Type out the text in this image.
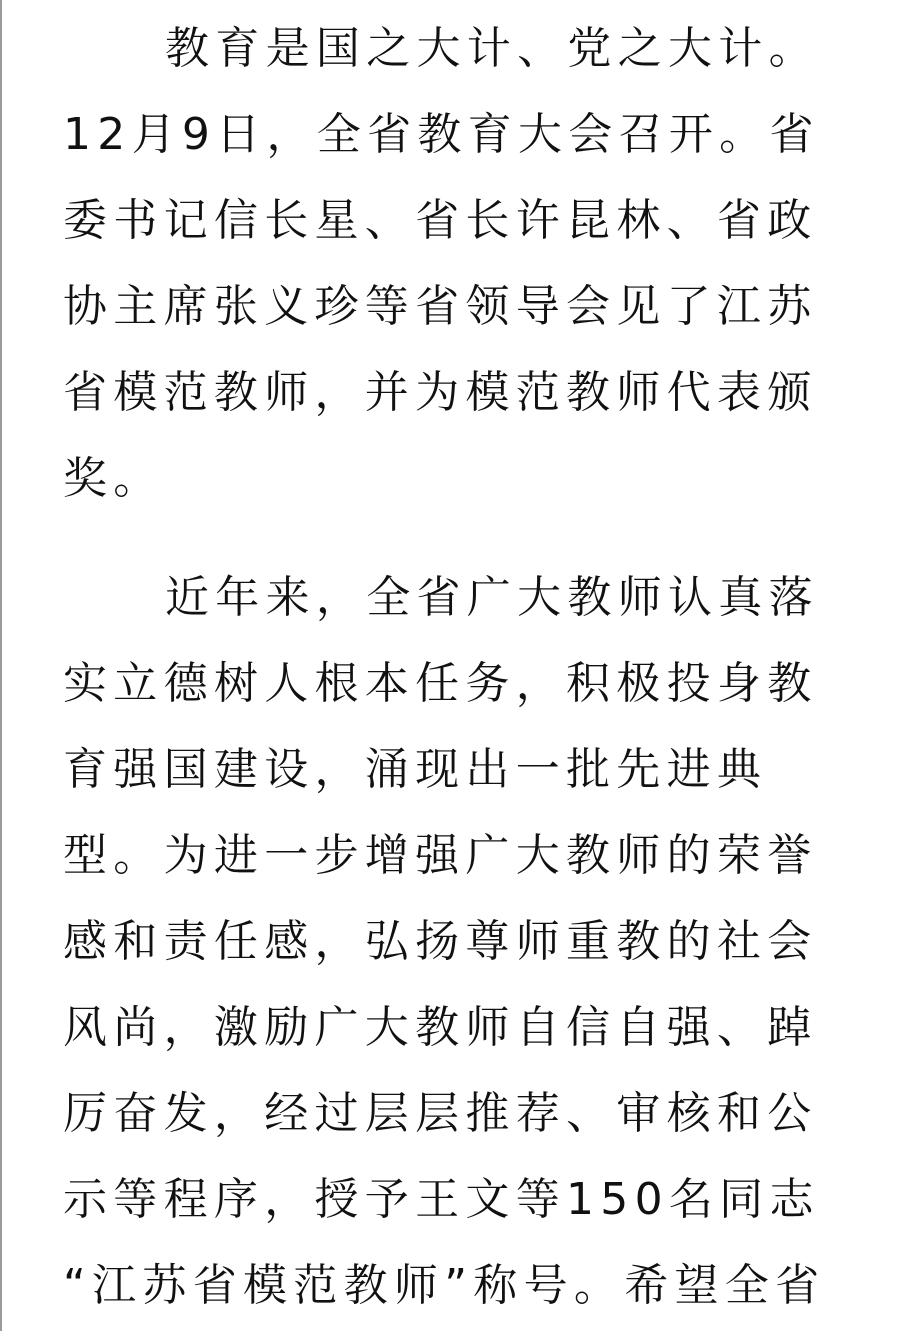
教育是国之大计、党之大计。
12月9日，全省教育大会召开。省
委书记信长星、省长许昆林、省政
协主席张义珍等省领导会见了江苏
省模范教师，并为模范教师代表颁
奖。
近年来，全省广大教师认真落
实立德树人根本任务，积极投身教
育强国建设，涌现出一批先进典
型。为进一步增强广大教师的荣誉
感和责任感，弘扬尊师重教的社会
风尚，激励广大教师自信自强、踔
厉奋发，经过层层推荐、审核和公
示等程序，授予王文等150名同志
“江苏省模范教师”称号。希望全省
